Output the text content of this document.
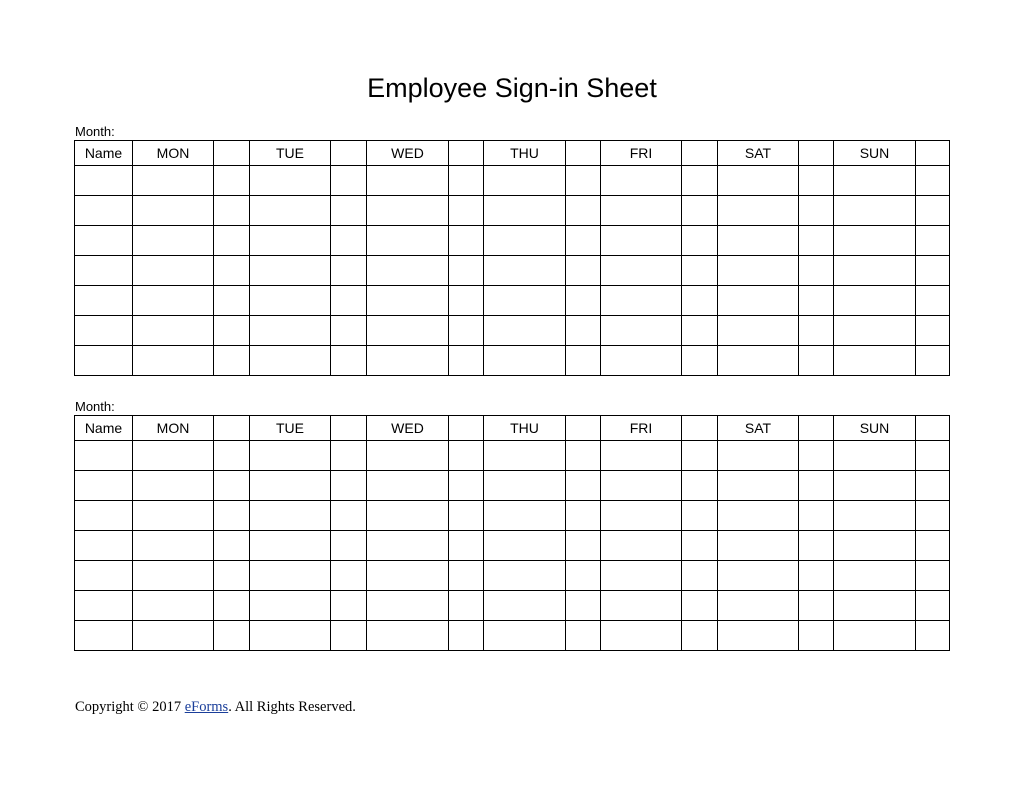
Employee Sign-in Sheet
Month:
Name	MON		TUE		WED		THU		FRI		SAT		SUN	

Month:
Name	MON		TUE		WED		THU		FRI		SAT		SUN	

Copyright © 2017 eForms. All Rights Reserved.
